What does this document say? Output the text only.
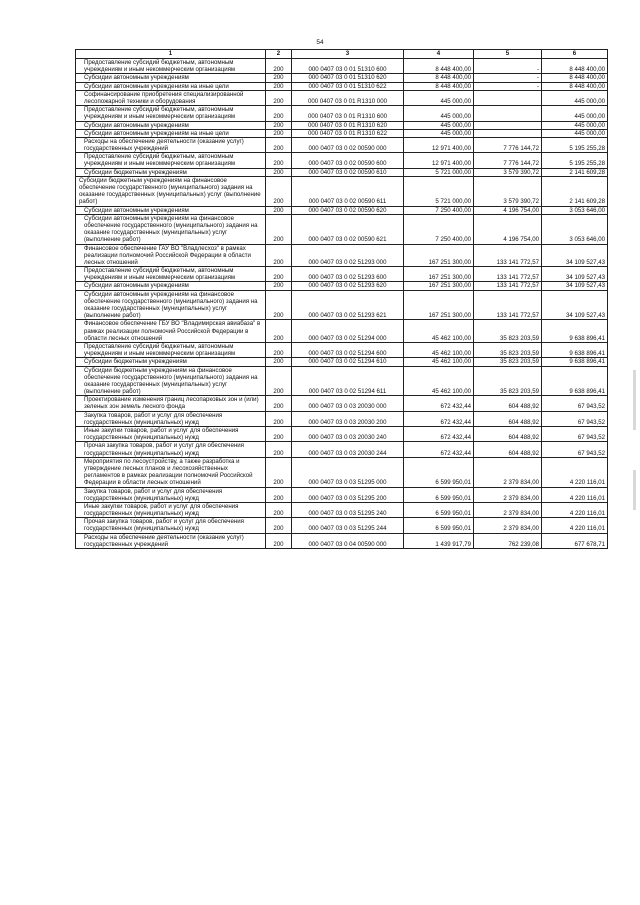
54
1	2	3	4	5	6
Предоставление субсидий бюджетным, автономным учреждениям и иным некоммерческим организациям	200	000 0407 03 0 01 51310 600	8 448 400,00	-	8 448 400,00
Субсидии автономным учреждениям	200	000 0407 03 0 01 51310 620	8 448 400,00	-	8 448 400,00
Субсидии автономным учреждениям на иные цели	200	000 0407 03 0 01 51310 622	8 448 400,00	-	8 448 400,00
Софинансирование приобретения специализированной лесопожарной техники и оборудования	200	000 0407 03 0 01 R1310 000	445 000,00		445 000,00
Предоставление субсидий бюджетным, автономным учреждениям и иным некоммерческим организациям	200	000 0407 03 0 01 R1310 600	445 000,00		445 000,00
Субсидии автономным учреждениям	200	000 0407 03 0 01 R1310 620	445 000,00		445 000,00
Субсидии автономным учреждениям на иные цели	200	000 0407 03 0 01 R1310 622	445 000,00		445 000,00
Расходы на обеспечение деятельности (оказание услуг) государственных учреждений	200	000 0407 03 0 02 00590 000	12 971 400,00	7 776 144,72	5 195 255,28
Предоставление субсидий бюджетным, автономным учреждениям и иным некоммерческим организациям	200	000 0407 03 0 02 00590 600	12 971 400,00	7 776 144,72	5 195 255,28
Субсидии бюджетным учреждениям	200	000 0407 03 0 02 00590 610	5 721 000,00	3 579 390,72	2 141 609,28
Субсидии бюджетным учреждениям на финансовое обеспечение государственного (муниципального) задания на оказание государственных (муниципальных) услуг (выполнение работ)	200	000 0407 03 0 02 00590 611	5 721 000,00	3 579 390,72	2 141 609,28
Субсидии автономным учреждениям	200	000 0407 03 0 02 00590 620	7 250 400,00	4 196 754,00	3 053 646,00
Субсидии автономным учреждениям на финансовое обеспечение государственного (муниципального) задания на оказание государственных (муниципальных) услуг (выполнение работ)	200	000 0407 03 0 02 00590 621	7 250 400,00	4 196 754,00	3 053 646,00
Финансовое обеспечение ГАУ ВО "Владлесхоз" в рамках реализации полномочий Российской Федерации в области лесных отношений	200	000 0407 03 0 02 51293 000	167 251 300,00	133 141 772,57	34 109 527,43
Предоставление субсидий бюджетным, автономным учреждениям и иным некоммерческим организациям	200	000 0407 03 0 02 51293 600	167 251 300,00	133 141 772,57	34 109 527,43
Субсидии автономным учреждениям	200	000 0407 03 0 02 51293 620	167 251 300,00	133 141 772,57	34 109 527,43
Субсидии автономным учреждениям на финансовое обеспечение государственного (муниципального) задания на оказание государственных (муниципальных) услуг (выполнение работ)	200	000 0407 03 0 02 51293 621	167 251 300,00	133 141 772,57	34 109 527,43
Финансовое обеспечение ГБУ ВО "Владимирская авиабаза" в рамках реализации полномочий Российской Федерации в области лесных отношений	200	000 0407 03 0 02 51294 000	45 462 100,00	35 823 203,59	9 638 896,41
Предоставление субсидий бюджетным, автономным учреждениям и иным некоммерческим организациям	200	000 0407 03 0 02 51294 600	45 462 100,00	35 823 203,59	9 638 896,41
Субсидии бюджетным учреждениям	200	000 0407 03 0 02 51294 610	45 462 100,00	35 823 203,59	9 638 896,41
Субсидии бюджетным учреждениям на финансовое обеспечение государственного (муниципального) задания на оказание государственных (муниципальных) услуг (выполнение работ)	200	000 0407 03 0 02 51294 611	45 462 100,00	35 823 203,59	9 638 896,41
Проектирование изменения границ лесопарковых зон и (или) зеленых зон земель лесного фонда	200	000 0407 03 0 03 20030 000	672 432,44	604 488,92	67 943,52
Закупка товаров, работ и услуг для обеспечения государственных (муниципальных) нужд	200	000 0407 03 0 03 20030 200	672 432,44	604 488,92	67 943,52
Иные закупки товаров, работ и услуг для обеспечения государственных (муниципальных) нужд	200	000 0407 03 0 03 20030 240	672 432,44	604 488,92	67 943,52
Прочая закупка товаров, работ и услуг для обеспечения государственных (муниципальных) нужд	200	000 0407 03 0 03 20030 244	672 432,44	604 488,92	67 943,52
Мероприятия по лесоустройству, а также разработка и утверждение лесных планов и лесохозяйственных регламентов в рамках реализации полномочий Российской Федерации в области лесных отношений	200	000 0407 03 0 03 51295 000	6 599 950,01	2 379 834,00	4 220 116,01
Закупка товаров, работ и услуг для обеспечения государственных (муниципальных) нужд	200	000 0407 03 0 03 51295 200	6 599 950,01	2 379 834,00	4 220 116,01
Иные закупки товаров, работ и услуг для обеспечения государственных (муниципальных) нужд	200	000 0407 03 0 03 51295 240	6 599 950,01	2 379 834,00	4 220 116,01
Прочая закупка товаров, работ и услуг для обеспечения государственных (муниципальных) нужд	200	000 0407 03 0 03 51295 244	6 599 950,01	2 379 834,00	4 220 116,01
Расходы на обеспечение деятельности (оказание услуг) государственных учреждений	200	000 0407 03 0 04 00590 000	1 439 917,79	762 239,08	677 678,71
